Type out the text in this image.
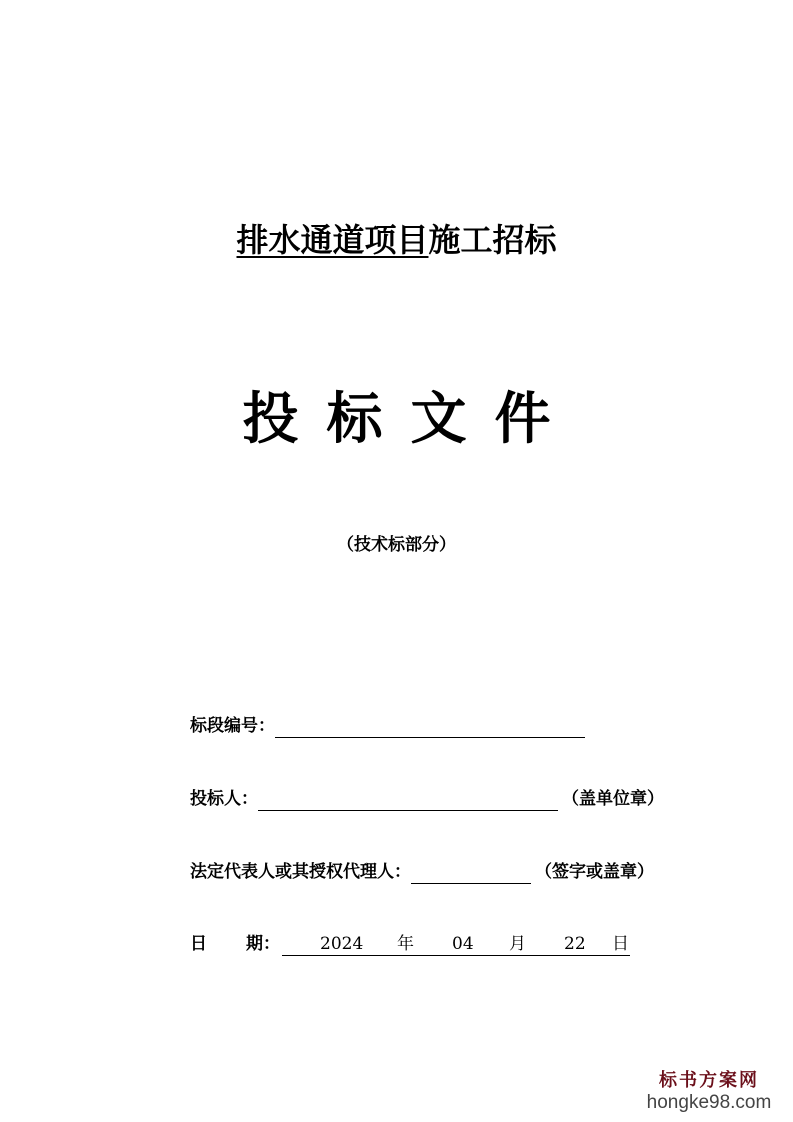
排水通道项目施工招标
投标文件
（技术标部分）
标段编号：
投标人：	（盖单位章）
法定代表人或其授权代理人：	（签字或盖章）
日 期： 2024 年 04 月 22 日
标书方案网
hongke98.com
